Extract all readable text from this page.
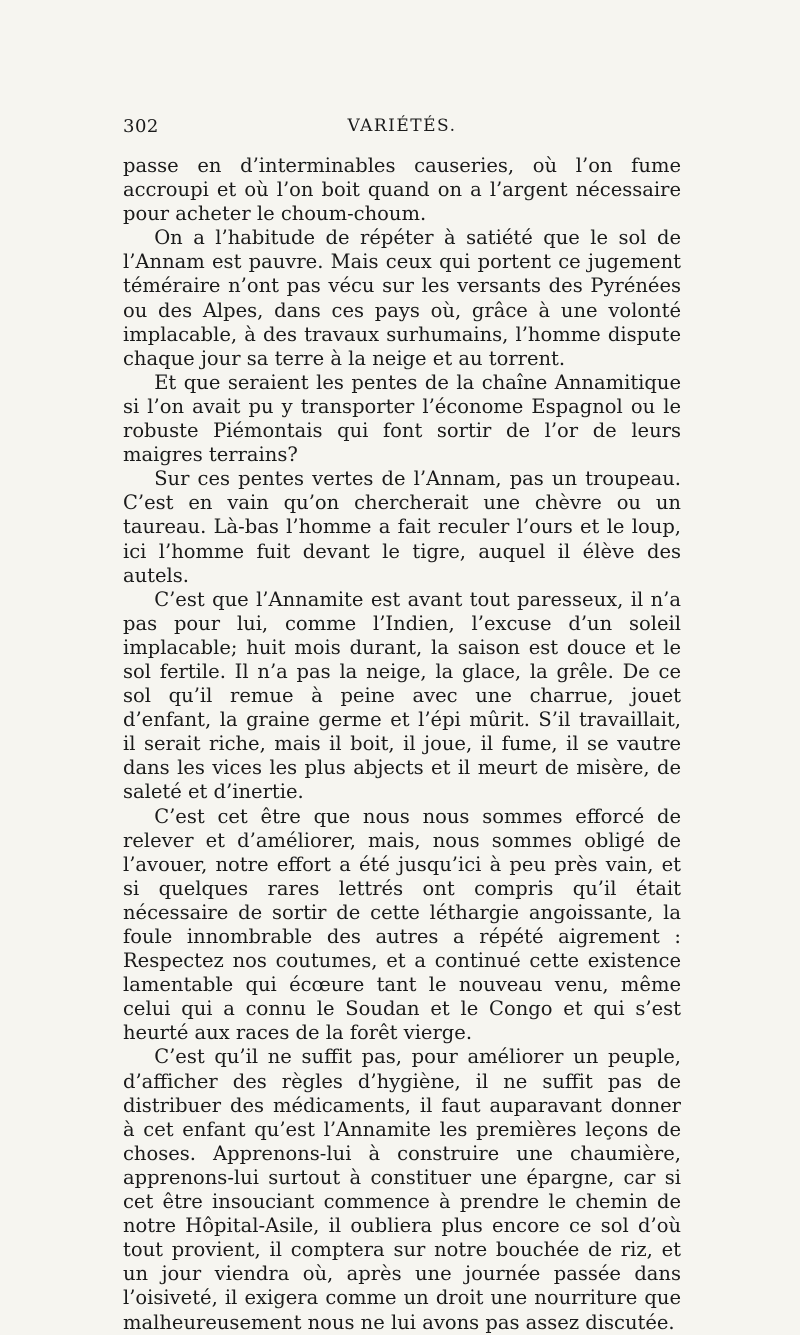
302	VARIÉTÉS.

passe en d’interminables causeries, où l’on fume accroupi et où l’on boit quand on a l’argent nécessaire pour acheter le choum-choum.

On a l’habitude de répéter à satiété que le sol de l’Annam est pauvre. Mais ceux qui portent ce jugement téméraire n’ont pas vécu sur les versants des Pyrénées ou des Alpes, dans ces pays où, grâce à une volonté implacable, à des travaux surhumains, l’homme dispute chaque jour sa terre à la neige et au torrent.

Et que seraient les pentes de la chaîne Annamitique si l’on avait pu y transporter l’économe Espagnol ou le robuste Piémontais qui font sortir de l’or de leurs maigres terrains?

Sur ces pentes vertes de l’Annam, pas un troupeau. C’est en vain qu’on chercherait une chèvre ou un taureau. Là-bas l’homme a fait reculer l’ours et le loup, ici l’homme fuit devant le tigre, auquel il élève des autels.

C’est que l’Annamite est avant tout paresseux, il n’a pas pour lui, comme l’Indien, l’excuse d’un soleil implacable; huit mois durant, la saison est douce et le sol fertile. Il n’a pas la neige, la glace, la grêle. De ce sol qu’il remue à peine avec une charrue, jouet d’enfant, la graine germe et l’épi mûrit. S’il travaillait, il serait riche, mais il boit, il joue, il fume, il se vautre dans les vices les plus abjects et il meurt de misère, de saleté et d’inertie.

C’est cet être que nous nous sommes efforcé de relever et d’améliorer, mais, nous sommes obligé de l’avouer, notre effort a été jusqu’ici à peu près vain, et si quelques rares lettrés ont compris qu’il était nécessaire de sortir de cette léthargie angoissante, la foule innombrable des autres a répété aigrement : Respectez nos coutumes, et a continué cette existence lamentable qui écœure tant le nouveau venu, même celui qui a connu le Soudan et le Congo et qui s’est heurté aux races de la forêt vierge.

C’est qu’il ne suffit pas, pour améliorer un peuple, d’afficher des règles d’hygiène, il ne suffit pas de distribuer des médicaments, il faut auparavant donner à cet enfant qu’est l’Annamite les premières leçons de choses. Apprenons-lui à construire une chaumière, apprenons-lui surtout à constituer une épargne, car si cet être insouciant commence à prendre le chemin de notre Hôpital-Asile, il oubliera plus encore ce sol d’où tout provient, il comptera sur notre bouchée de riz, et un jour viendra où, après une journée passée dans l’oisiveté, il exigera comme un droit une nourriture que malheureusement nous ne lui avons pas assez discutée.
